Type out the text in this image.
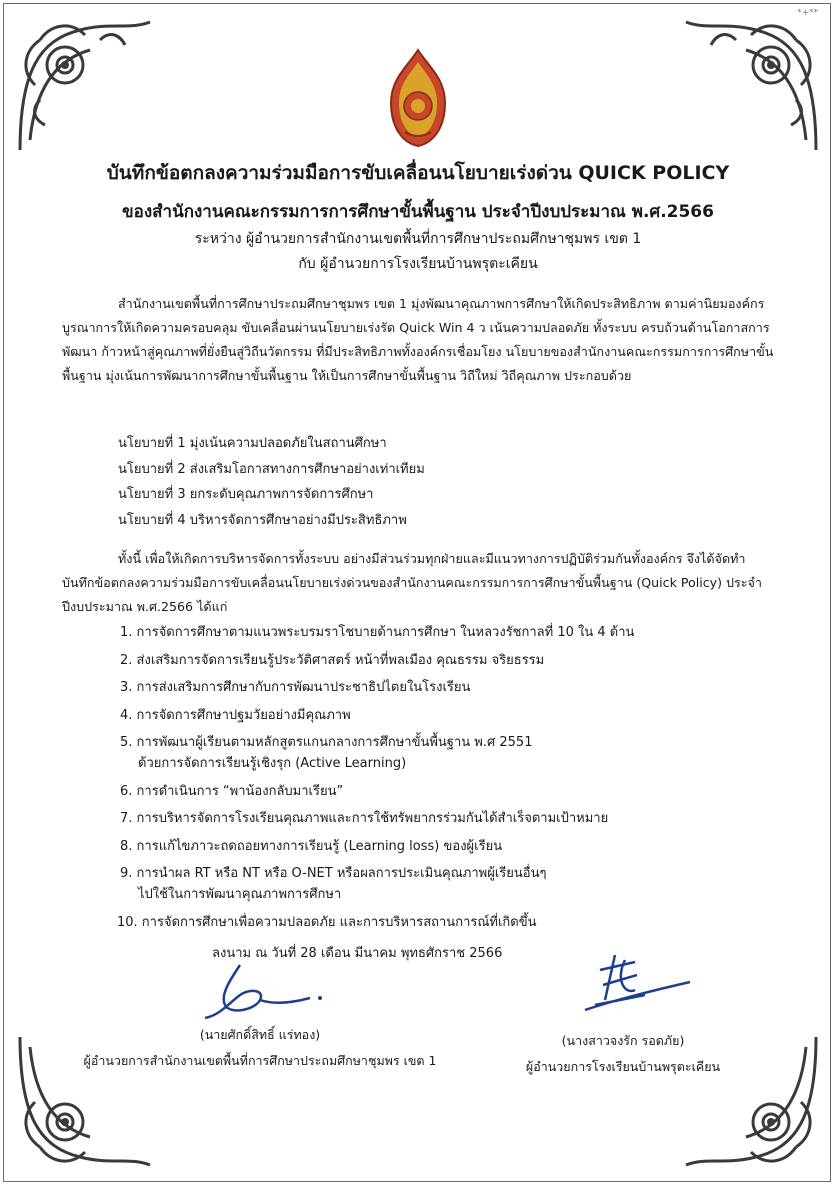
*+**
บันทึกข้อตกลงความร่วมมือการขับเคลื่อนนโยบายเร่งด่วน QUICK POLICY
ของสำนักงานคณะกรรมการการศึกษาขั้นพื้นฐาน ประจำปีงบประมาณ พ.ศ.2566
ระหว่าง ผู้อำนวยการสำนักงานเขตพื้นที่การศึกษาประถมศึกษาชุมพร เขต 1
กับ ผู้อำนวยการโรงเรียนบ้านพรุตะเคียน
สำนักงานเขตพื้นที่การศึกษาประถมศึกษาชุมพร เขต 1 มุ่งพัฒนาคุณภาพการศึกษาให้เกิดประสิทธิภาพ ตามค่านิยมองค์กร บูรณาการให้เกิดความครอบคลุม ขับเคลื่อนผ่านนโยบายเร่งรัด Quick Win 4 ว เน้นความปลอดภัย ทั้งระบบ ครบถ้วนด้านโอกาสการพัฒนา ก้าวหน้าสู่คุณภาพที่ยั่งยืนสู่วิถีนวัตกรรม ที่มีประสิทธิภาพทั้งองค์กรเชื่อมโยง นโยบายของสำนักงานคณะกรรมการการศึกษาขั้นพื้นฐาน มุ่งเน้นการพัฒนาการศึกษาขั้นพื้นฐาน ให้เป็นการศึกษาขั้นพื้นฐาน วิถีใหม่ วิถีคุณภาพ ประกอบด้วย
นโยบายที่ 1 มุ่งเน้นความปลอดภัยในสถานศึกษา
นโยบายที่ 2 ส่งเสริมโอกาสทางการศึกษาอย่างเท่าเทียม
นโยบายที่ 3 ยกระดับคุณภาพการจัดการศึกษา
นโยบายที่ 4 บริหารจัดการศึกษาอย่างมีประสิทธิภาพ
ทั้งนี้ เพื่อให้เกิดการบริหารจัดการทั้งระบบ อย่างมีส่วนร่วมทุกฝ่ายและมีแนวทางการปฏิบัติร่วมกันทั้งองค์กร จึงได้จัดทำ บันทึกข้อตกลงความร่วมมือการขับเคลื่อนนโยบายเร่งด่วนของสำนักงานคณะกรรมการการศึกษาขั้นพื้นฐาน (Quick Policy) ประจำปีงบประมาณ พ.ศ.2566 ได้แก่
1. การจัดการศึกษาตามแนวพระบรมราโชบายด้านการศึกษา ในหลวงรัชกาลที่ 10 ใน 4 ด้าน
2. ส่งเสริมการจัดการเรียนรู้ประวัติศาสตร์ หน้าที่พลเมือง คุณธรรม จริยธรรม
3. การส่งเสริมการศึกษากับการพัฒนาประชาธิปไตยในโรงเรียน
4. การจัดการศึกษาปฐมวัยอย่างมีคุณภาพ
5. การพัฒนาผู้เรียนตามหลักสูตรแกนกลางการศึกษาขั้นพื้นฐาน พ.ศ 2551
ด้วยการจัดการเรียนรู้เชิงรุก (Active Learning)
6. การดำเนินการ “พาน้องกลับมาเรียน”
7. การบริหารจัดการโรงเรียนคุณภาพและการใช้ทรัพยากรร่วมกันได้สำเร็จตามเป้าหมาย
8. การแก้ไขภาวะถดถอยทางการเรียนรู้ (Learning loss) ของผู้เรียน
9. การนำผล RT หรือ NT หรือ O-NET หรือผลการประเมินคุณภาพผู้เรียนอื่นๆ
ไปใช้ในการพัฒนาคุณภาพการศึกษา
10. การจัดการศึกษาเพื่อความปลอดภัย และการบริหารสถานการณ์ที่เกิดขึ้น
ลงนาม ณ วันที่ 28 เดือน มีนาคม พุทธศักราช 2566
(นายศักดิ์สิทธิ์ แร่ทอง)
ผู้อำนวยการสำนักงานเขตพื้นที่การศึกษาประถมศึกษาชุมพร เขต 1
(นางสาวจงรัก รอดภัย)
ผู้อำนวยการโรงเรียนบ้านพรุตะเคียน
